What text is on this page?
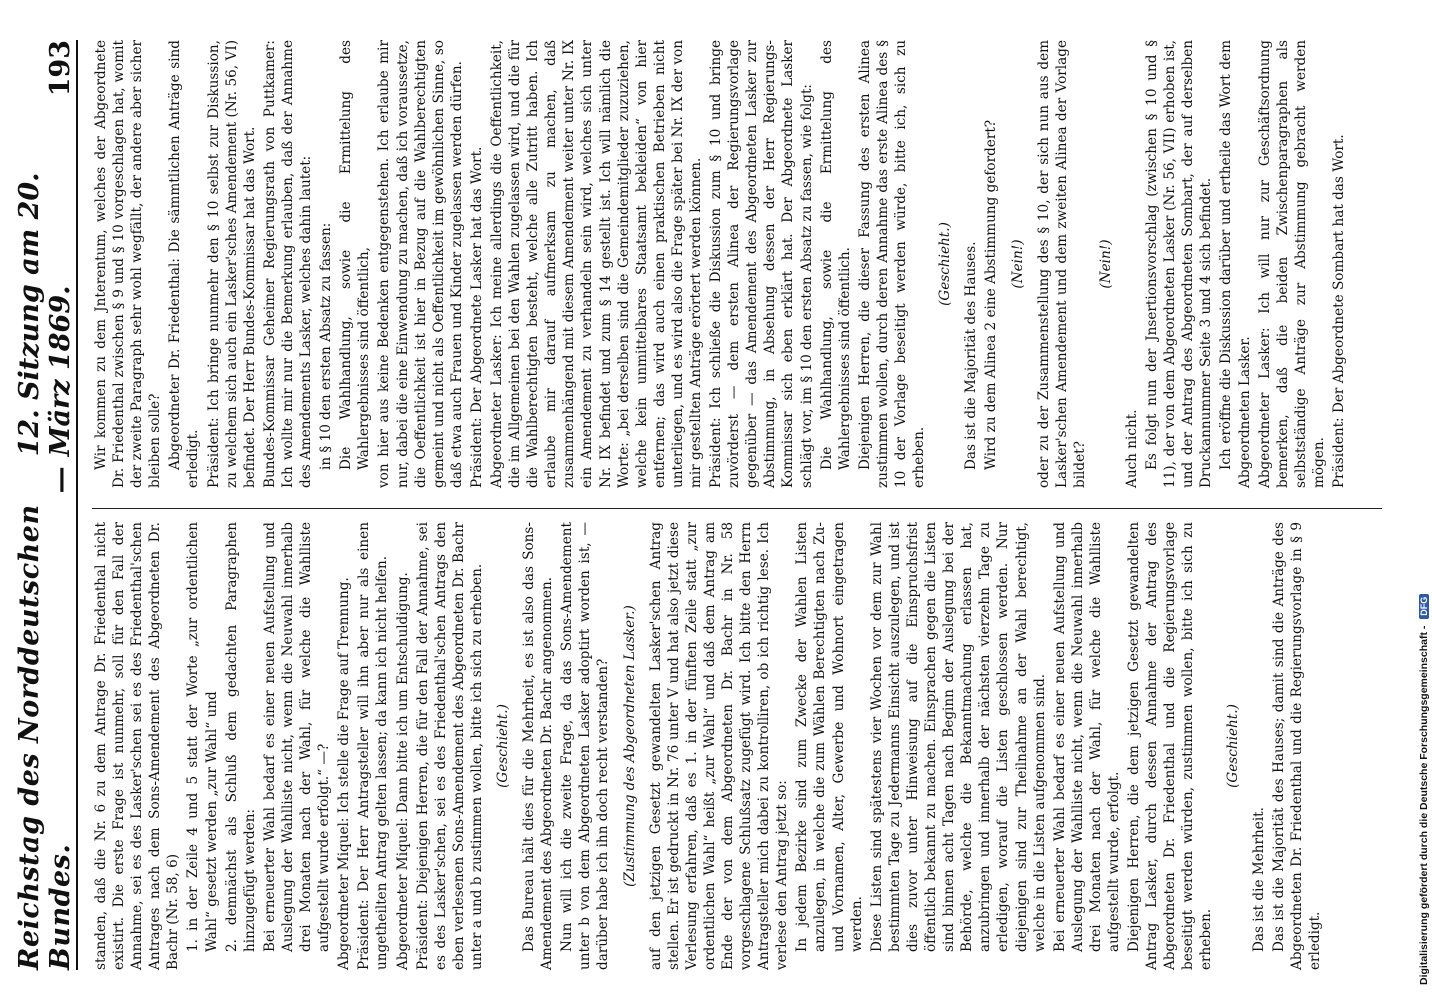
Reichstag des Norddeutschen Bundes.
—
12. Sitzung am 20. März 1869.
193

standen, daß die Nr. 6 zu dem Antrage Dr. Friedenthal nicht existirt. Die erste Frage ist nunmehr, soll für den Fall der Annahme, sei es des Lasker'schen sei es des Friedenthal'schen Antrages nach dem Sons-Amendement des Abgeordneten Dr. Bachr (Nr. 58, 6) 1. in der Zeile 4 und 5 statt der Worte „zur ordentlichen Wahl“ gesetzt werden „zur Wahl“ und 2. demnächst als Schluß dem gedachten Paragraphen hinzugefügt werden: Bei erneuerter Wahl bedarf es einer neuen Aufstellung und Auslegung der Wahlliste nicht, wenn die Neuwahl innerhalb drei Monaten nach der Wahl, für welche die Wahlliste aufgestellt wurde erfolgt.“ —? Abgeordneter Miquel: Ich stelle die Frage auf Trennung. Präsident: Der Herr Antragsteller will ihn aber nur als einen ungetheilten Antrag gelten lassen; da kann ich nicht helfen. Abgeordneter Miquel: Dann bitte ich um Entschuldigung. Präsident: Diejenigen Herren, die für den Fall der Annahme, sei es des Lasker'schen, sei es des Friedenthal'schen Antrags den eben verlesenen Sons-Amendement des Abgeordneten Dr. Bachr unter a und b zustimmen wollen, bitte ich sich zu erheben. (Geschieht.) Das Bureau hält dies für die Mehrheit, es ist also das Sons-Amendement des Abgeordneten Dr. Bachr angenommen. Nun will ich die zweite Frage, da das Sons-Amendement unter b von dem Abgeordneten Lasker adoptirt worden ist, — darüber habe ich ihn doch recht verstanden? (Zustimmung des Abgeordneten Lasker.) auf den jetzigen Gesetzt gewandelten Lasker'schen Antrag stellen. Er ist gedruckt in Nr. 76 unter V und hat also jetzt diese Verlesung erfahren, daß es 1. in der fünften Zeile statt „zur ordentlichen Wahl“ heißt „zur Wahl“ und daß dem Antrag am Ende der von dem Abgeordneten Dr. Bachr in Nr. 58 vorgeschlagene Schlußsatz zugefügt wird. Ich bitte den Herrn Antragsteller mich dabei zu kontrolliren, ob ich richtig lese. Ich verlese den Antrag jetzt so: In jedem Bezirke sind zum Zwecke der Wahlen Listen anzulegen, in welche die zum Wählen Berechtigten nach Zu- und Vornamen, Alter, Gewerbe und Wohnort eingetragen werden. Diese Listen sind spätestens vier Wochen vor dem zur Wahl bestimmten Tage zu Jedermanns Einsicht auszulegen, und ist dies zuvor unter Hinweisung auf die Einspruchsfrist öffentlich bekannt zu machen. Einsprachen gegen die Listen sind binnen acht Tagen nach Beginn der Auslegung bei der Behörde, welche die Bekanntmachung erlassen hat, anzubringen und innerhalb der nächsten vierzehn Tage zu erledigen, worauf die Listen geschlossen werden. Nur diejenigen sind zur Theilnahme an der Wahl berechtigt, welche in die Listen aufgenommen sind. Bei erneuerter Wahl bedarf es einer neuen Aufstellung und Auslegung der Wahlliste nicht, wenn die Neuwahl innerhalb drei Monaten nach der Wahl, für welche die Wahlliste aufgestellt wurde, erfolgt. Diejenigen Herren, die dem jetzigen Gesetzt gewandelten Antrag Lasker, durch dessen Annahme der Antrag des Abgeordneten Dr. Friedenthal und die Regierungsvorlage beseitigt werden würden, zustimmen wollen, bitte ich sich zu erheben.

(Geschieht.)

Das ist die Mehrheit. Das ist die Majorität des Hauses; damit sind die Anträge des Abgeordneten Dr. Friedenthal und die Regierungsvorlage in § 9 erledigt.

Wir kommen zu dem Jnterentum, welches der Abgeordnete Dr. Friedenthal zwischen § 9 und § 10 vorgeschlagen hat, womit der zweite Paragraph sehr wohl wegfällt, der andere aber sicher bleiben solle? Abgeordneter Dr. Friedenthal: Die sämmtlichen Anträge sind erledigt. Präsident: Ich bringe nunmehr den § 10 selbst zur Diskussion, zu welchem sich auch ein Lasker'sches Amendement (Nr. 56, VI) befindet. Der Herr Bundes-Kommissar hat das Wort. Bundes-Kommissar Geheimer Regierungsrath von Puttkamer: Ich wollte mir nur die Bemerkung erlauben, daß der Annahme des Amendements Lasker, welches dahin lautet: in § 10 den ersten Absatz zu fassen: Die Wahlhandlung, sowie die Ermittelung des Wahlergebnisses sind öffentlich, von hier aus keine Bedenken entgegenstehen. Ich erlaube mir nur, dabei die eine Einwendung zu machen, daß ich voraussetze, die Oeffentlichkeit ist hier in Bezug auf die Wahlberechtigten gemeint und nicht als Oeffentlichkeit im gewöhnlichen Sinne, so daß etwa auch Frauen und Kinder zugelassen werden dürfen. Präsident: Der Abgeordnete Lasker hat das Wort. Abgeordneter Lasker: Ich meine allerdings die Oeffentlichkeit, die im Allgemeinen bei den Wahlen zugelassen wird, und die für die Wahlberechtigten besteht, welche alle Zutritt haben. Ich erlaube mir darauf aufmerksam zu machen, daß zusammenhängend mit diesem Amendement weiter unter Nr. IX ein Amendement zu verhandeln sein wird, welches sich unter Nr. IX befindet und zum § 14 gestellt ist. Ich will nämlich die Worte: „bei derselben sind die Gemeindemitglieder zuzuziehen, welche kein unmittelbares Staatsamt bekleiden“ von hier entfernen; das wird auch einen praktischen Betrieben nicht unterliegen, und es wird also die Frage später bei Nr. IX der von mir gestellten Anträge erörtert werden können. Präsident: Ich schließe die Diskussion zum § 10 und bringe zuvörderst — dem ersten Alinea der Regierungsvorlage gegenüber — das Amendement des Abgeordneten Lasker zur Abstimmung, in Absehung dessen der Herr Regierungs-Kommissar sich eben erklärt hat. Der Abgeordnete Lasker schlägt vor, im § 10 den ersten Absatz zu fassen, wie folgt: Die Wahlhandlung, sowie die Ermittelung des Wahlergebnisses sind öffentlich. Diejenigen Herren, die dieser Fassung des ersten Alinea zustimmen wollen, durch deren Annahme das erste Alinea des § 10 der Vorlage beseitigt werden würde, bitte ich, sich zu erheben.

(Geschieht.) Das ist die Majorität des Hauses. Wird zu dem Alinea 2 eine Abstimmung gefordert? (Nein!) oder zu der Zusammenstellung des § 10, der sich nun aus dem Lasker'schen Amendement und dem zweiten Alinea der Vorlage bildet?

(Nein!)

Auch nicht. Es folgt nun der Jnsertionsvorschlag (zwischen § 10 und § 11), der von dem Abgeordneten Lasker (Nr. 56, VII) erhoben ist, und der Antrag des Abgeordneten Sombart, der auf derselben Druckannummer Seite 3 und 4 sich befindet. Ich eröffne die Diskussion darüber und ertheile das Wort dem Abgeordneten Lasker. Abgeordneter Lasker: Ich will nur zur Geschäftsordnung bemerken, daß die beiden Zwischenparagraphen als selbstständige Anträge zur Abstimmung gebracht werden mögen. Präsident: Der Abgeordnete Sombart hat das Wort.

Digitalisierung gefördert durch die Deutsche Forschungsgemeinschaft - DFG
